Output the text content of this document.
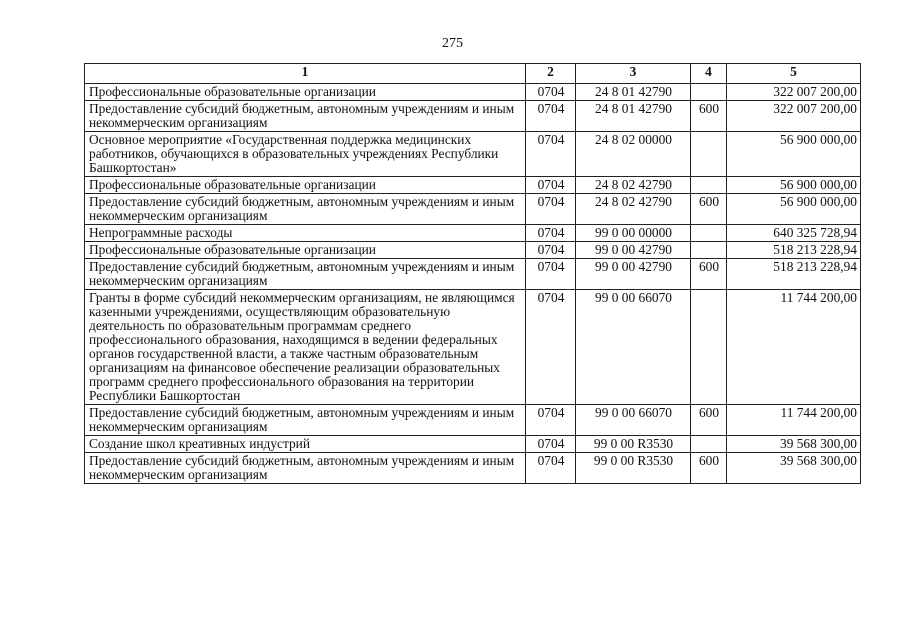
275
1	2	3	4	5
Профессиональные образовательные организации	0704	24 8 01 42790		322 007 200,00
Предоставление субсидий бюджетным, автономным учреждениям и иным некоммерческим организациям	0704	24 8 01 42790	600	322 007 200,00
Основное мероприятие «Государственная поддержка медицинских работников, обучающихся в образовательных учреждениях Республики Башкортостан»	0704	24 8 02 00000		56 900 000,00
Профессиональные образовательные организации	0704	24 8 02 42790		56 900 000,00
Предоставление субсидий бюджетным, автономным учреждениям и иным некоммерческим организациям	0704	24 8 02 42790	600	56 900 000,00
Непрограммные расходы	0704	99 0 00 00000		640 325 728,94
Профессиональные образовательные организации	0704	99 0 00 42790		518 213 228,94
Предоставление субсидий бюджетным, автономным учреждениям и иным некоммерческим организациям	0704	99 0 00 42790	600	518 213 228,94
Гранты в форме субсидий некоммерческим организациям, не являющимся казенными учреждениями, осуществляющим образовательную деятельность по образовательным программам среднего профессионального образования, находящимся в ведении федеральных органов государственной власти, а также частным образовательным организациям на финансовое обеспечение реализации образовательных программ среднего профессионального образования на территории Республики Башкортостан	0704	99 0 00 66070		11 744 200,00
Предоставление субсидий бюджетным, автономным учреждениям и иным некоммерческим организациям	0704	99 0 00 66070	600	11 744 200,00
Создание школ креативных индустрий	0704	99 0 00 R3530		39 568 300,00
Предоставление субсидий бюджетным, автономным учреждениям и иным некоммерческим организациям	0704	99 0 00 R3530	600	39 568 300,00
